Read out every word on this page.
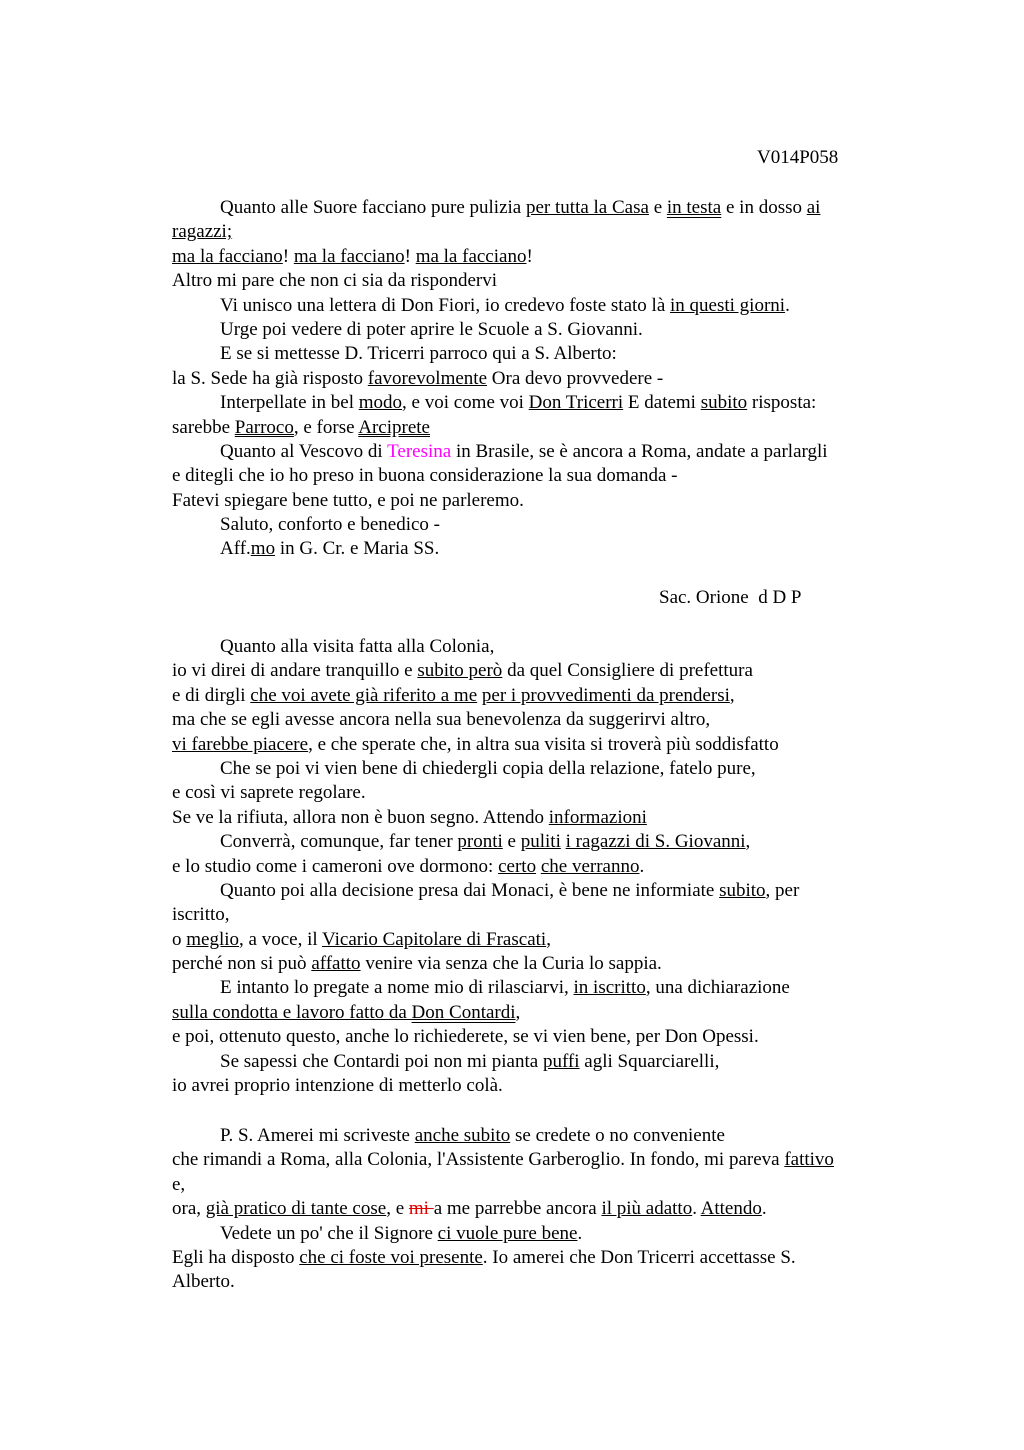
V014P058
Quanto alle Suore facciano pure pulizia per tutta la Casa e in testa e in dosso ai
ragazzi;
ma la facciano! ma la facciano! ma la facciano!
Altro mi pare che non ci sia da rispondervi
Vi unisco una lettera di Don Fiori, io credevo foste stato là in questi giorni.
Urge poi vedere di poter aprire le Scuole a S. Giovanni.
E se si mettesse D. Tricerri parroco qui a S. Alberto:
la S. Sede ha già risposto favorevolmente Ora devo provvedere -
Interpellate in bel modo, e voi come voi Don Tricerri E datemi subito risposta:
sarebbe Parroco, e forse Arciprete
Quanto al Vescovo di Teresina in Brasile, se è ancora a Roma, andate a parlargli
e ditegli che io ho preso in buona considerazione la sua domanda -
Fatevi spiegare bene tutto, e poi ne parleremo.
Saluto, conforto e benedico -
Aff.mo in G. Cr. e Maria SS.
Sac. Orione  d D P
Quanto alla visita fatta alla Colonia,
io vi direi di andare tranquillo e subito però da quel Consigliere di prefettura
e di dirgli che voi avete già riferito a me per i provvedimenti da prendersi,
ma che se egli avesse ancora nella sua benevolenza da suggerirvi altro,
vi farebbe piacere, e che sperate che, in altra sua visita si troverà più soddisfatto
Che se poi vi vien bene di chiedergli copia della relazione, fatelo pure,
e così vi saprete regolare.
Se ve la rifiuta, allora non è buon segno. Attendo informazioni
Converrà, comunque, far tener pronti e puliti i ragazzi di S. Giovanni,
e lo studio come i cameroni ove dormono: certo che verranno.
Quanto poi alla decisione presa dai Monaci, è bene ne informiate subito, per
iscritto,
o meglio, a voce, il Vicario Capitolare di Frascati,
perché non si può affatto venire via senza che la Curia lo sappia.
E intanto lo pregate a nome mio di rilasciarvi, in iscritto, una dichiarazione
sulla condotta e lavoro fatto da Don Contardi,
e poi, ottenuto questo, anche lo richiederete, se vi vien bene, per Don Opessi.
Se sapessi che Contardi poi non mi pianta puffi agli Squarciarelli,
io avrei proprio intenzione di metterlo colà.
P. S. Amerei mi scriveste anche subito se credete o no conveniente
che rimandi a Roma, alla Colonia, l'Assistente Garberoglio. In fondo, mi pareva fattivo
e,
ora, già pratico di tante cose, e mi a me parrebbe ancora il più adatto. Attendo.
Vedete un po' che il Signore ci vuole pure bene.
Egli ha disposto che ci foste voi presente. Io amerei che Don Tricerri accettasse S.
Alberto.
